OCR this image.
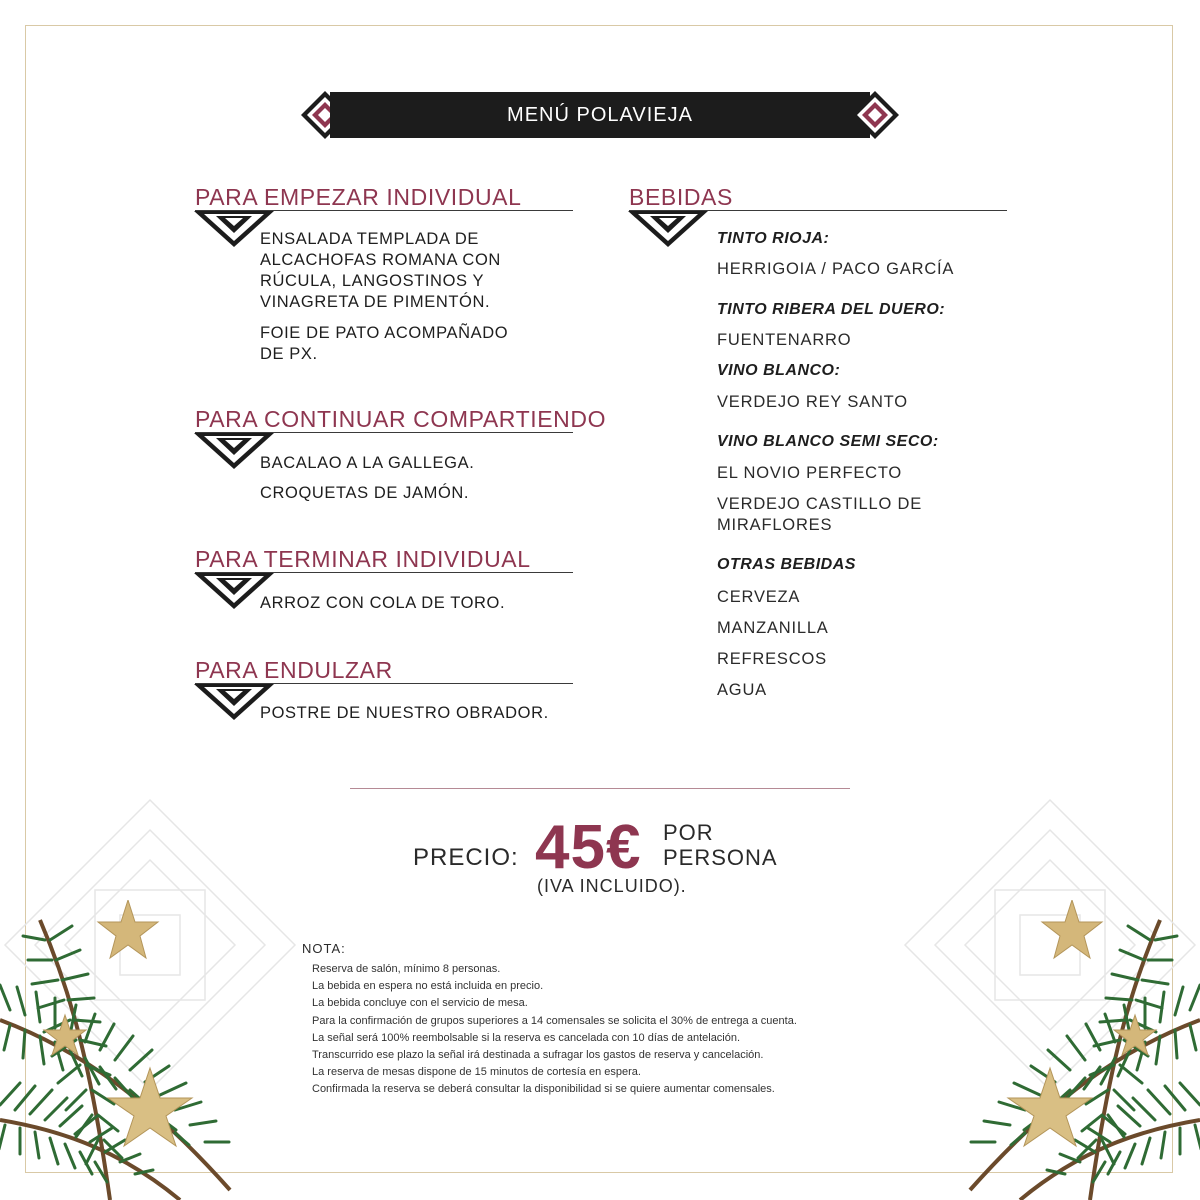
MENÚ POLAVIEJA
PARA EMPEZAR INDIVIDUAL
ENSALADA TEMPLADA DE
ALCACHOFAS ROMANA CON
RÚCULA, LANGOSTINOS Y
VINAGRETA DE PIMENTÓN.
FOIE DE PATO ACOMPAÑADO
DE PX.
PARA CONTINUAR COMPARTIENDO
BACALAO A LA GALLEGA.
CROQUETAS DE JAMÓN.
PARA TERMINAR INDIVIDUAL
ARROZ CON COLA DE TORO.
PARA ENDULZAR
POSTRE DE NUESTRO OBRADOR.
BEBIDAS
TINTO RIOJA:
HERRIGOIA / PACO GARCÍA
TINTO RIBERA DEL DUERO:
FUENTENARRO
VINO BLANCO:
VERDEJO REY SANTO
VINO BLANCO SEMI SECO:
EL NOVIO PERFECTO
VERDEJO CASTILLO DE MIRAFLORES
OTRAS BEBIDAS
CERVEZA
MANZANILLA
REFRESCOS
AGUA
PRECIO: 45€ POR
PERSONA
(IVA INCLUIDO).
NOTA:
Reserva de salón, mínimo 8 personas.
La bebida en espera no está incluida en precio.
La bebida concluye con el servicio de mesa.
Para la confirmación de grupos superiores a 14 comensales se solicita el 30% de entrega a cuenta.
La señal será 100% reembolsable si la reserva es cancelada con 10 días de antelación.
Transcurrido ese plazo la señal irá destinada a sufragar los gastos de reserva y cancelación.
La reserva de mesas dispone de 15 minutos de cortesía en espera.
Confirmada la reserva se deberá consultar la disponibilidad si se quiere aumentar comensales.
